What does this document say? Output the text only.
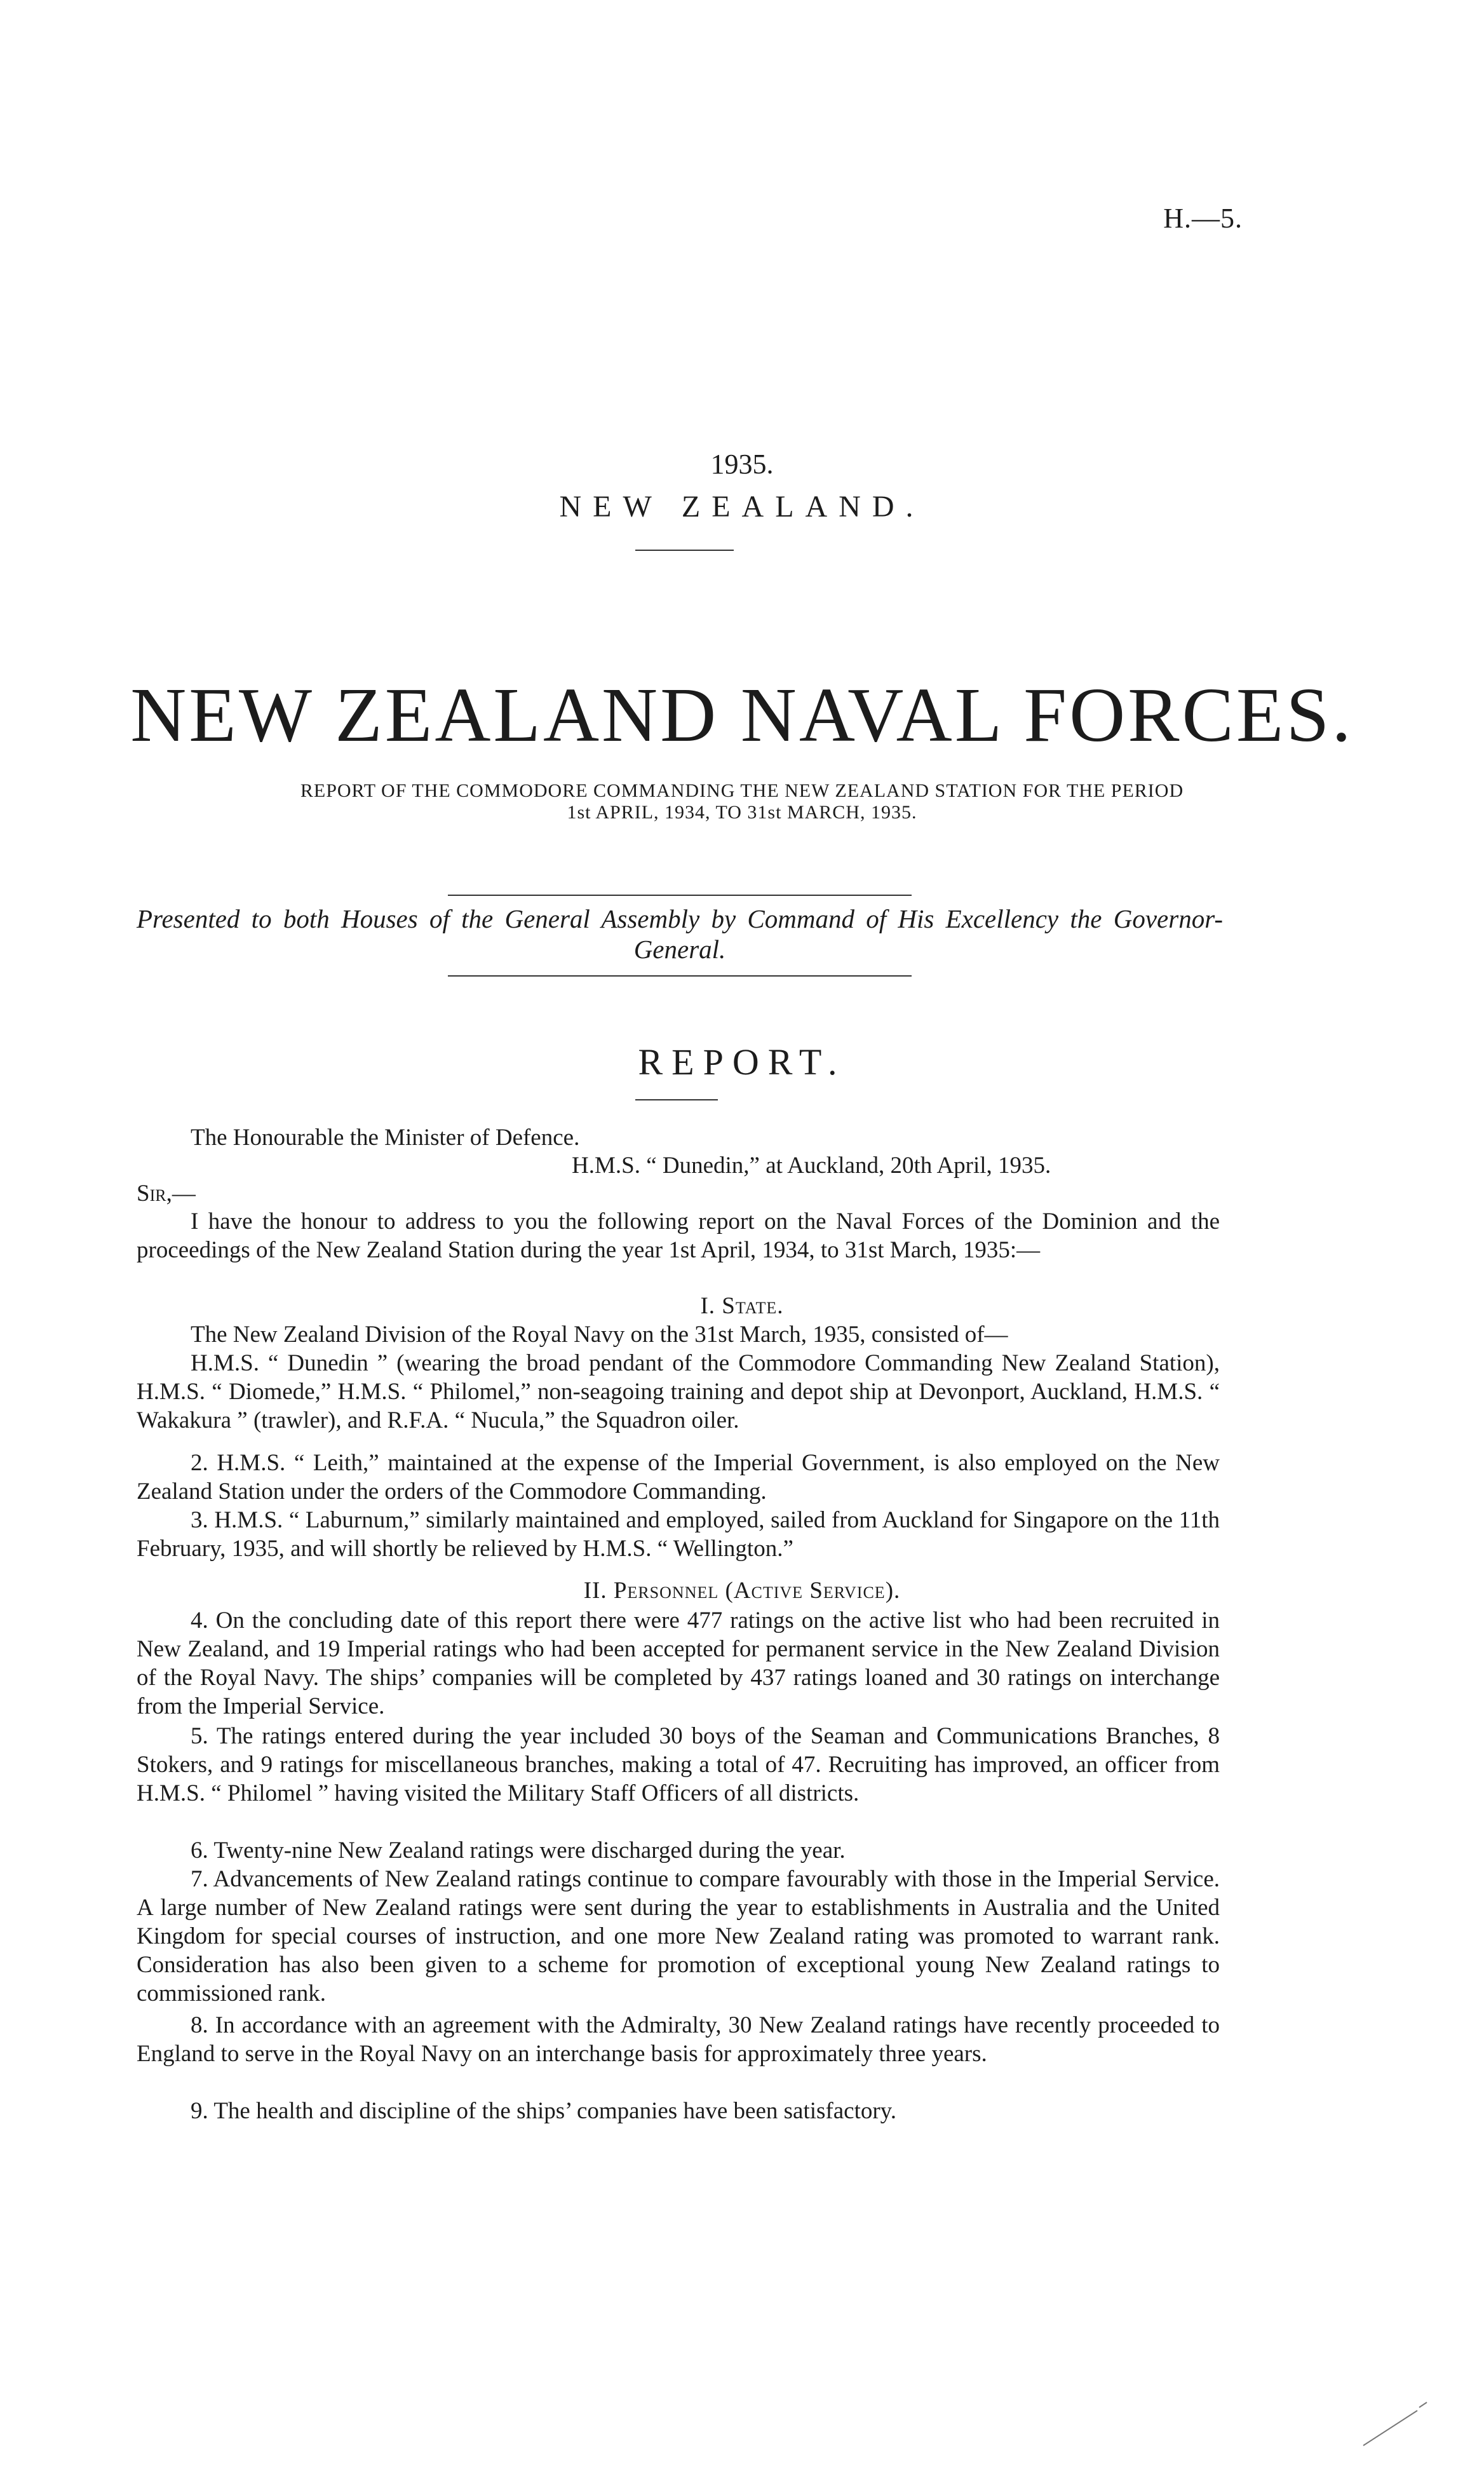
H.—5.
1935.
NEW ZEALAND.
NEW ZEALAND NAVAL FORCES.
REPORT OF THE COMMODORE COMMANDING THE NEW ZEALAND STATION FOR THE PERIOD
1st APRIL, 1934, TO 31st MARCH, 1935.
Presented to both Houses of the General Assembly by Command of His Excellency the Governor-General.
REPORT.
The Honourable the Minister of Defence.
H.M.S. “ Dunedin,” at Auckland, 20th April, 1935.
Sir,—

I have the honour to address to you the following report on the Naval Forces of the Dominion and the proceedings of the New Zealand Station during the year 1st April, 1934, to 31st March, 1935:—

I. State.

The New Zealand Division of the Royal Navy on the 31st March, 1935, consisted of—

H.M.S. “ Dunedin ” (wearing the broad pendant of the Commodore Commanding New Zealand Station), H.M.S. “ Diomede,” H.M.S. “ Philomel,” non-seagoing training and depot ship at Devonport, Auckland, H.M.S. “ Wakakura ” (trawler), and R.F.A. “ Nucula,” the Squadron oiler.

2. H.M.S. “ Leith,” maintained at the expense of the Imperial Government, is also employed on the New Zealand Station under the orders of the Commodore Commanding.

3. H.M.S. “ Laburnum,” similarly maintained and employed, sailed from Auckland for Singapore on the 11th February, 1935, and will shortly be relieved by H.M.S. “ Wellington.”

II. Personnel (Active Service).

4. On the concluding date of this report there were 477 ratings on the active list who had been recruited in New Zealand, and 19 Imperial ratings who had been accepted for permanent service in the New Zealand Division of the Royal Navy. The ships’ companies will be completed by 437 ratings loaned and 30 ratings on interchange from the Imperial Service.

5. The ratings entered during the year included 30 boys of the Seaman and Communications Branches, 8 Stokers, and 9 ratings for miscellaneous branches, making a total of 47. Recruiting has improved, an officer from H.M.S. “ Philomel ” having visited the Military Staff Officers of all districts.

6. Twenty-nine New Zealand ratings were discharged during the year.

7. Advancements of New Zealand ratings continue to compare favourably with those in the Imperial Service. A large number of New Zealand ratings were sent during the year to establishments in Australia and the United Kingdom for special courses of instruction, and one more New Zealand rating was promoted to warrant rank. Consideration has also been given to a scheme for promotion of exceptional young New Zealand ratings to commissioned rank.

8. In accordance with an agreement with the Admiralty, 30 New Zealand ratings have recently proceeded to England to serve in the Royal Navy on an interchange basis for approximately three years.

9. The health and discipline of the ships’ companies have been satisfactory.
